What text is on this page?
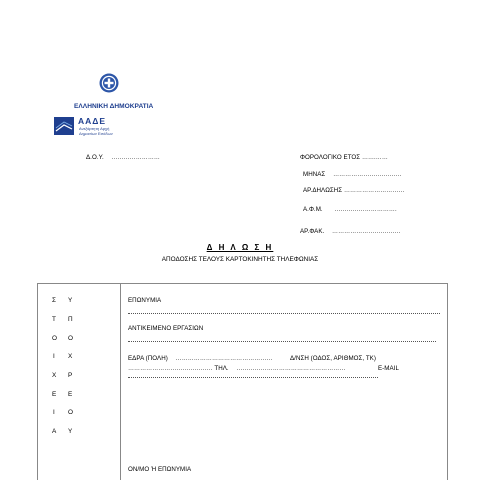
ΕΛΛΗΝΙΚΗ ΔΗΜΟΚΡΑΤΙΑ
ΑΑΔΕ
Ανεξάρτητη Αρχή
Δημοσίων Εσόδων
Δ.Ο.Υ. ……………………	ΦΟΡΟΛΟΓΙΚΟ ΕΤΟΣ …….……
ΜΗΝΑΣ …………………………….
ΑΡ.ΔΗΛΩΣΗΣ …………………………
Α.Φ.Μ. ………………………….
ΑΡ.ΦΑΚ. …………………………….
Δ Η Λ Ω Σ Η
ΑΠΟΔΟΣΗΣ ΤΕΛΟΥΣ ΚΑΡΤΟΚΙΝΗΤΗΣ ΤΗΛΕΦΩΝΙΑΣ
Σ Υ
Τ Π
Ο Ο
Ι Χ
Χ Ρ
Ε Ε
Ι Ο
Α Υ
ΕΠΩΝΥΜΙΑ
ΑΝΤΙΚΕΙΜΕΝΟ ΕΡΓΑΣΙΩΝ
ΕΔΡΑ (ΠΟΛΗ) …………………………………………	Δ/ΝΣΗ (ΟΔΟΣ, ΑΡΙΘΜΟΣ, ΤΚ)
…………………………………… ΤΗΛ. ………………………………………………	E-MAIL
ΟΝ/ΜΟ Ή ΕΠΩΝΥΜΙΑ
